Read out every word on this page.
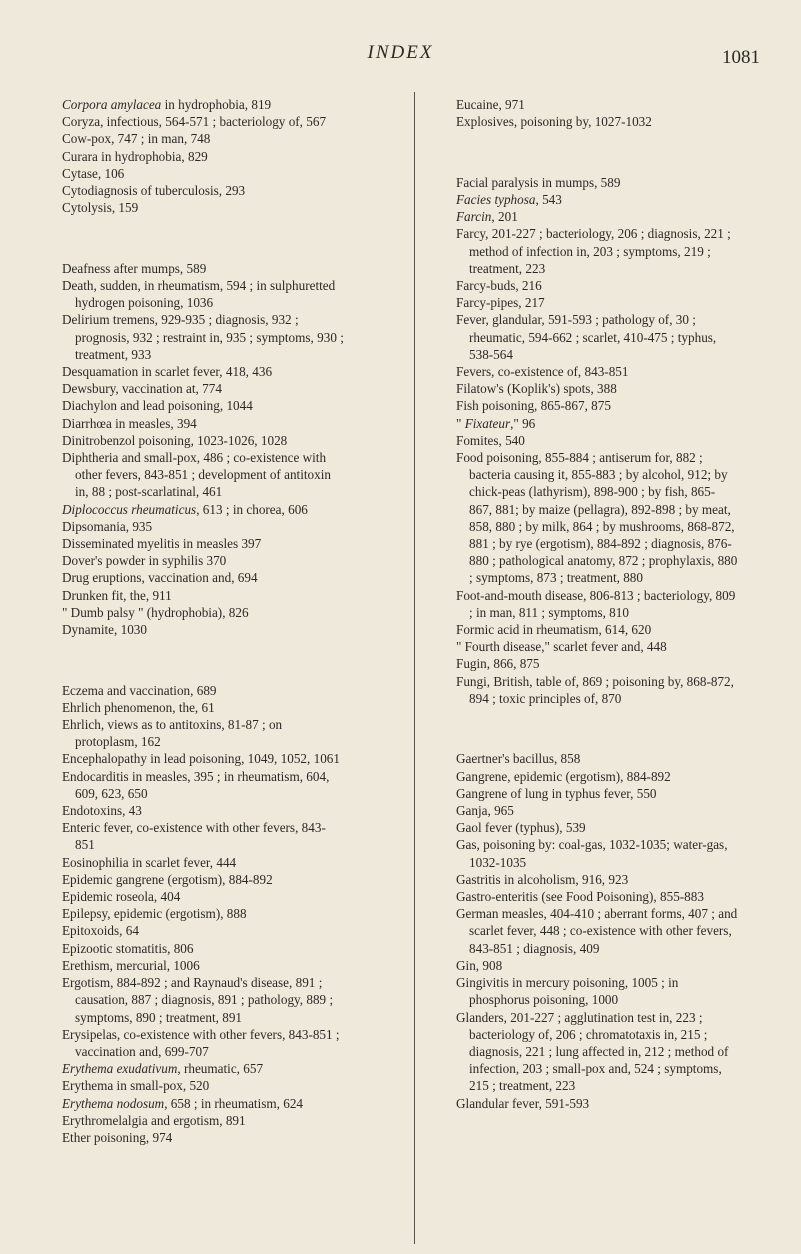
INDEX	1081

Corpora amylacea in hydrophobia, 819

Coryza, infectious, 564-571 ; bacteriology of, 567

Cow-pox, 747 ; in man, 748

Curara in hydrophobia, 829

Cytase, 106

Cytodiagnosis of tuberculosis, 293

Cytolysis, 159

Deafness after mumps, 589

Death, sudden, in rheumatism, 594 ; in sulphuretted hydrogen poisoning, 1036

Delirium tremens, 929-935 ; diagnosis, 932 ; prognosis, 932 ; restraint in, 935 ; symptoms, 930 ; treatment, 933

Desquamation in scarlet fever, 418, 436

Dewsbury, vaccination at, 774

Diachylon and lead poisoning, 1044

Diarrhœa in measles, 394

Dinitrobenzol poisoning, 1023-1026, 1028

Diphtheria and small-pox, 486 ; co-existence with other fevers, 843-851 ; development of antitoxin in, 88 ; post-scarlatinal, 461

Diplococcus rheumaticus, 613 ; in chorea, 606

Dipsomania, 935

Disseminated myelitis in measles 397

Dover's powder in syphilis 370

Drug eruptions, vaccination and, 694

Drunken fit, the, 911

" Dumb palsy " (hydrophobia), 826

Dynamite, 1030

Eczema and vaccination, 689

Ehrlich phenomenon, the, 61

Ehrlich, views as to antitoxins, 81-87 ; on protoplasm, 162

Encephalopathy in lead poisoning, 1049, 1052, 1061

Endocarditis in measles, 395 ; in rheumatism, 604, 609, 623, 650

Endotoxins, 43

Enteric fever, co-existence with other fevers, 843-851

Eosinophilia in scarlet fever, 444

Epidemic gangrene (ergotism), 884-892

Epidemic roseola, 404

Epilepsy, epidemic (ergotism), 888

Epitoxoids, 64

Epizootic stomatitis, 806

Erethism, mercurial, 1006

Ergotism, 884-892 ; and Raynaud's disease, 891 ; causation, 887 ; diagnosis, 891 ; pathology, 889 ; symptoms, 890 ; treatment, 891

Erysipelas, co-existence with other fevers, 843-851 ; vaccination and, 699-707

Erythema exudativum, rheumatic, 657

Erythema in small-pox, 520

Erythema nodosum, 658 ; in rheumatism, 624

Erythromelalgia and ergotism, 891

Ether poisoning, 974

Eucaine, 971

Explosives, poisoning by, 1027-1032

Facial paralysis in mumps, 589

Facies typhosa, 543

Farcin, 201

Farcy, 201-227 ; bacteriology, 206 ; diagnosis, 221 ; method of infection in, 203 ; symptoms, 219 ; treatment, 223

Farcy-buds, 216

Farcy-pipes, 217

Fever, glandular, 591-593 ; pathology of, 30 ; rheumatic, 594-662 ; scarlet, 410-475 ; typhus, 538-564

Fevers, co-existence of, 843-851

Filatow's (Koplik's) spots, 388

Fish poisoning, 865-867, 875

" Fixateur," 96

Fomites, 540

Food poisoning, 855-884 ; antiserum for, 882 ; bacteria causing it, 855-883 ; by alcohol, 912; by chick-peas (lathyrism), 898-900 ; by fish, 865-867, 881; by maize (pellagra), 892-898 ; by meat, 858, 880 ; by milk, 864 ; by mushrooms, 868-872, 881 ; by rye (ergotism), 884-892 ; diagnosis, 876-880 ; pathological anatomy, 872 ; prophylaxis, 880 ; symptoms, 873 ; treatment, 880

Foot-and-mouth disease, 806-813 ; bacteriology, 809 ; in man, 811 ; symptoms, 810

Formic acid in rheumatism, 614, 620

" Fourth disease," scarlet fever and, 448

Fugin, 866, 875

Fungi, British, table of, 869 ; poisoning by, 868-872, 894 ; toxic principles of, 870

Gaertner's bacillus, 858

Gangrene, epidemic (ergotism), 884-892

Gangrene of lung in typhus fever, 550

Ganja, 965

Gaol fever (typhus), 539

Gas, poisoning by: coal-gas, 1032-1035; water-gas, 1032-1035

Gastritis in alcoholism, 916, 923

Gastro-enteritis (see Food Poisoning), 855-883

German measles, 404-410 ; aberrant forms, 407 ; and scarlet fever, 448 ; co-existence with other fevers, 843-851 ; diagnosis, 409

Gin, 908

Gingivitis in mercury poisoning, 1005 ; in phosphorus poisoning, 1000

Glanders, 201-227 ; agglutination test in, 223 ; bacteriology of, 206 ; chromatotaxis in, 215 ; diagnosis, 221 ; lung affected in, 212 ; method of infection, 203 ; small-pox and, 524 ; symptoms, 215 ; treatment, 223

Glandular fever, 591-593
